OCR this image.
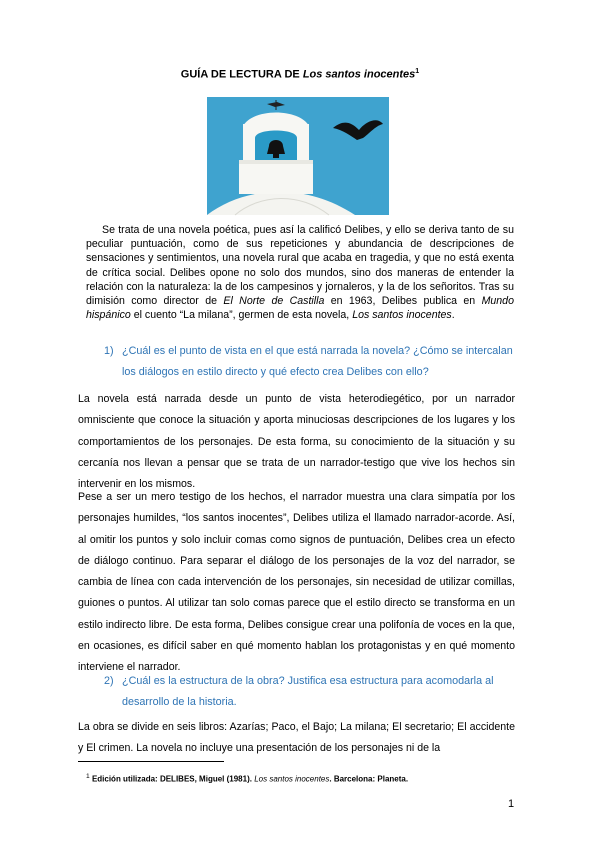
GUÍA DE LECTURA DE Los santos inocentes$^1$

Se trata de una novela poética, pues así la calificó Delibes, y ello se deriva tanto de su peculiar puntuación, como de sus repeticiones y abundancia de descripciones de sensaciones y sentimientos, una novela rural que acaba en tragedia, y que no está exenta de crítica social. Delibes opone no solo dos mundos, sino dos maneras de entender la relación con la naturaleza: la de los campesinos y jornaleros, y la de los señoritos. Tras su dimisión como director de El Norte de Castilla en 1963, Delibes publica en Mundo hispánico el cuento “La milana”, germen de esta novela, Los santos inocentes.

1) ¿Cuál es el punto de vista en el que está narrada la novela? ¿Cómo se intercalan los diálogos en estilo directo y qué efecto crea Delibes con ello?

La novela está narrada desde un punto de vista heterodiegético, por un narrador omnisciente que conoce la situación y aporta minuciosas descripciones de los lugares y los comportamientos de los personajes. De esta forma, su conocimiento de la situación y su cercanía nos llevan a pensar que se trata de un narrador-testigo que vive los hechos sin intervenir en los mismos.

Pese a ser un mero testigo de los hechos, el narrador muestra una clara simpatía por los personajes humildes, “los santos inocentes”, Delibes utiliza el llamado narrador-acorde. Así, al omitir los puntos y solo incluir comas como signos de puntuación, Delibes crea un efecto de diálogo continuo. Para separar el diálogo de los personajes de la voz del narrador, se cambia de línea con cada intervención de los personajes, sin necesidad de utilizar comillas, guiones o puntos. Al utilizar tan solo comas parece que el estilo directo se transforma en un estilo indirecto libre. De esta forma, Delibes consigue crear una polifonía de voces en la que, en ocasiones, es difícil saber en qué momento hablan los protagonistas y en qué momento interviene el narrador.

2) ¿Cuál es la estructura de la obra? Justifica esa estructura para acomodarla al desarrollo de la historia.

La obra se divide en seis libros: Azarías; Paco, el Bajo; La milana; El secretario; El accidente y El crimen. La novela no incluye una presentación de los personajes ni de la

$^1$ Edición utilizada: DELIBES, Miguel (1981). Los santos inocentes. Barcelona: Planeta.
1
